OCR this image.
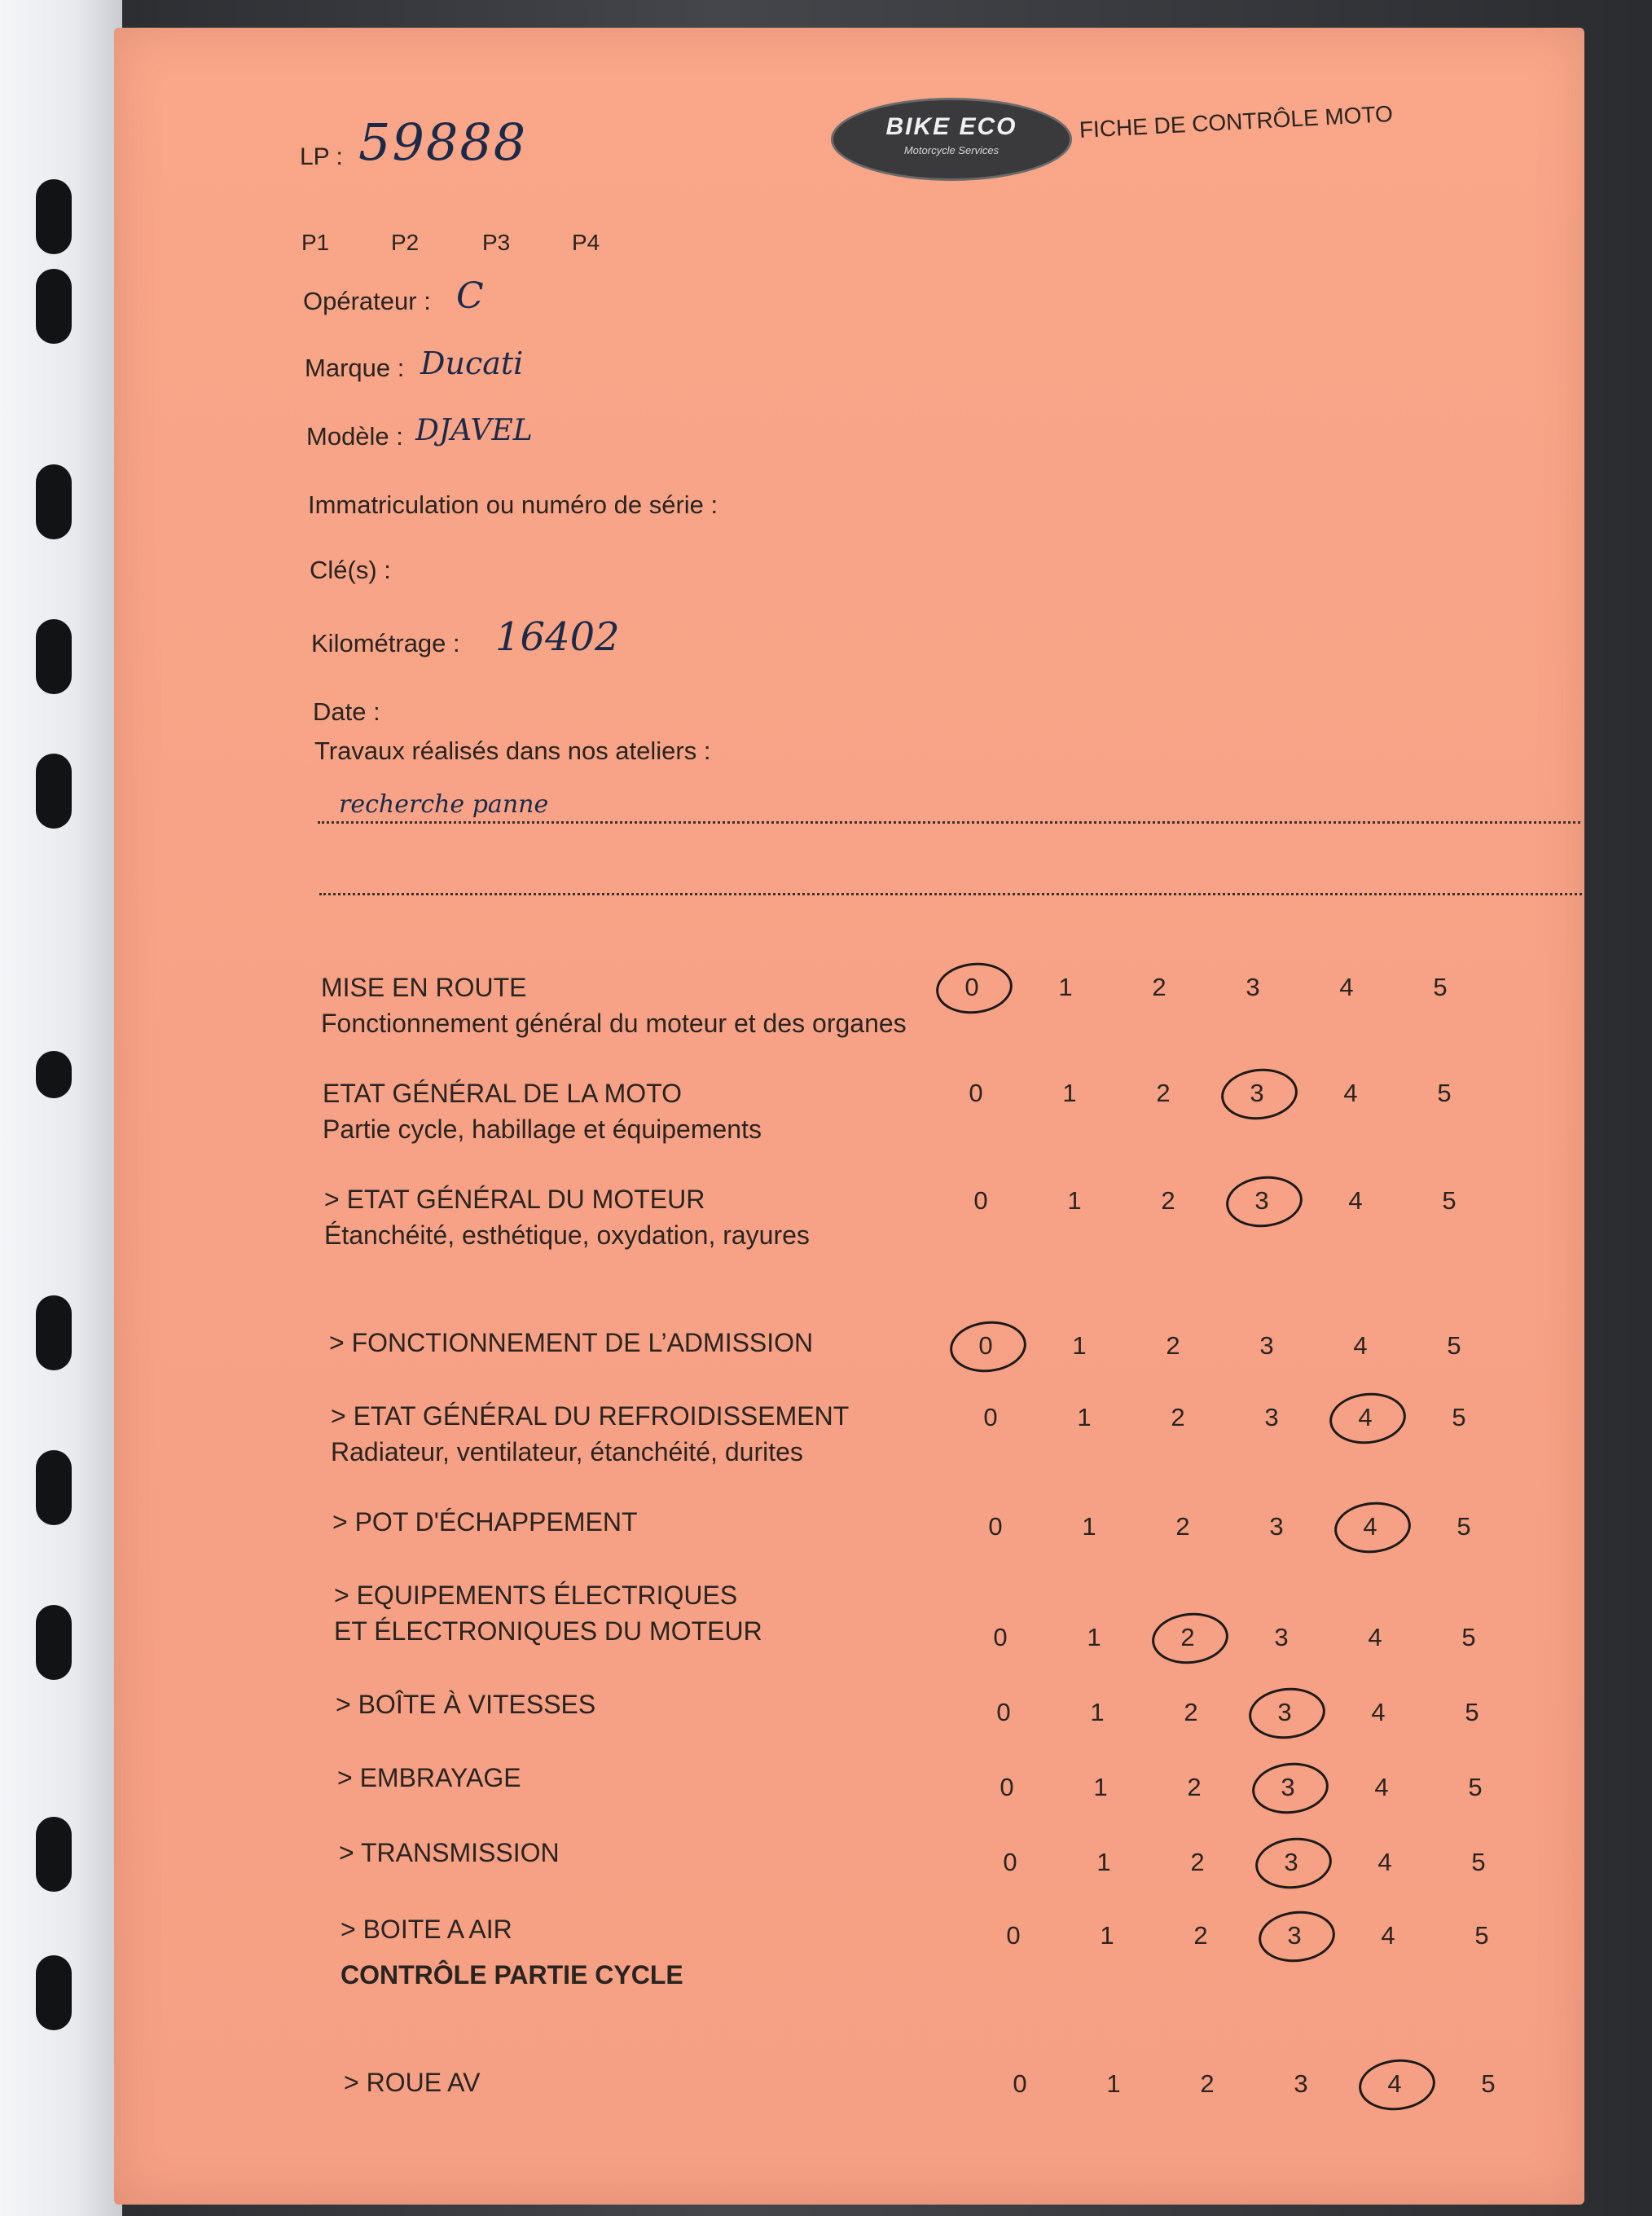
LP : 59888	BIKE ECO
Motorcycle Services
FICHE DE CONTRÔLE MOTO
P1	P2	P3	P4
Opérateur : C
Marque : Ducati
Modèle : DJAVEL
Immatriculation ou numéro de série :
Clé(s) :
Kilométrage : 16402
Date :
Travaux réalisés dans nos ateliers :
recherche panne
MISE EN ROUTE
Fonctionnement général du moteur et des organes
0	1	2	3	4	5
ETAT GÉNÉRAL DE LA MOTO
Partie cycle, habillage et équipements
0	1	2	3	4	5
> ETAT GÉNÉRAL DU MOTEUR
Étanchéité, esthétique, oxydation, rayures
0	1	2	3	4	5
> FONCTIONNEMENT DE L’ADMISSION	0	1	2	3	4	5
> ETAT GÉNÉRAL DU REFROIDISSEMENT
Radiateur, ventilateur, étanchéité, durites
0	1	2	3	4	5
> POT D'ÉCHAPPEMENT	0	1	2	3	4	5
> EQUIPEMENTS ÉLECTRIQUES
ET ÉLECTRONIQUES DU MOTEUR	0	1	2	3	4	5
> BOÎTE À VITESSES	0	1	2	3	4	5
> EMBRAYAGE	0	1	2	3	4	5
> TRANSMISSION	0	1	2	3	4	5
> BOITE A AIR	0	1	2	3	4	5
CONTRÔLE PARTIE CYCLE
> ROUE AV	0	1	2	3	4	5
